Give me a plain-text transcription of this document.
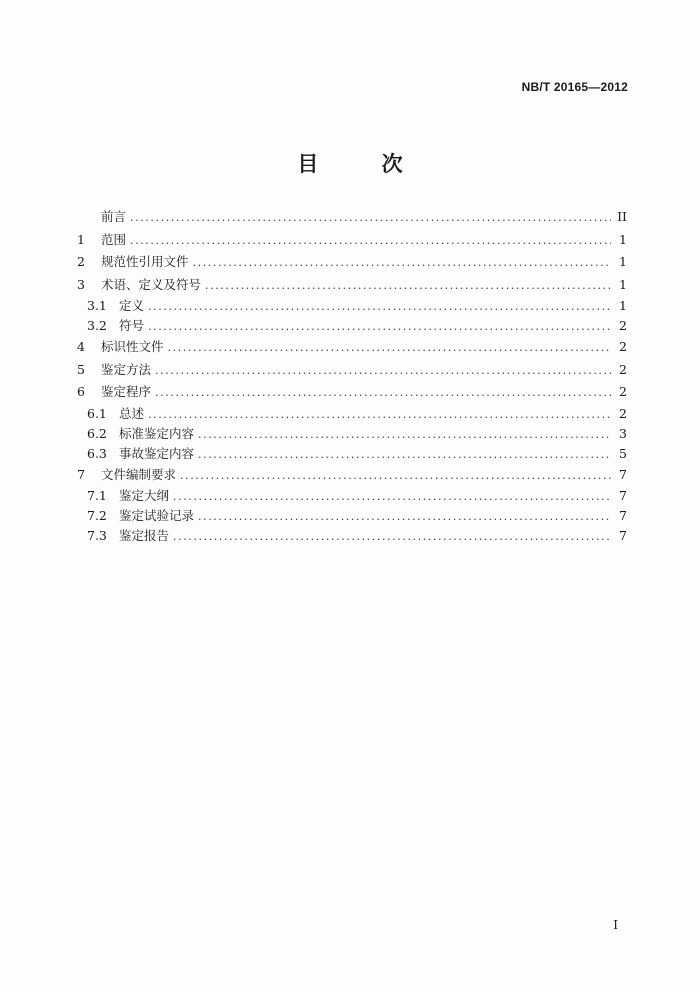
NB/T 20165—2012
目 次
前言 .....	II
1	范围 .....	1
2	规范性引用文件 .....	1
3	术语、定义及符号 .....	1
3.1 定义 .....	1
3.2 符号 .....	2
4	标识性文件 .....	2
5	鉴定方法 .....	2
6	鉴定程序 .....	2
6.1 总述 .....	2
6.2 标准鉴定内容 .....	3
6.3 事故鉴定内容 .....	5
7	文件编制要求 .....	7
7.1 鉴定大纲 .....	7
7.2 鉴定试验记录 .....	7
7.3 鉴定报告 .....	7
I
